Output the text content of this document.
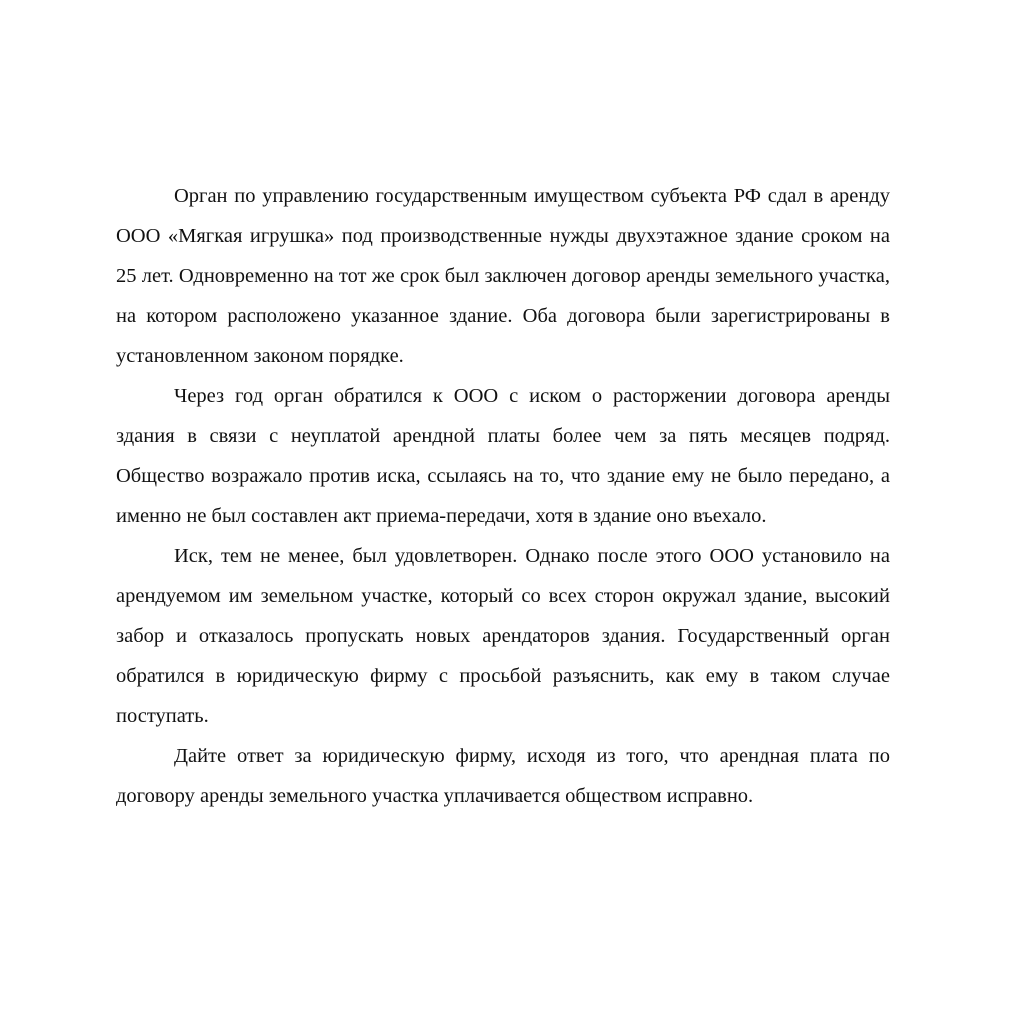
Орган по управлению государственным имуществом субъекта РФ сдал в аренду ООО «Мягкая игрушка» под производственные нужды двухэтажное здание сроком на 25 лет. Одновременно на тот же срок был заключен договор аренды земельного участка, на котором расположено указанное здание. Оба договора были зарегистрированы в установленном законом порядке.

Через год орган обратился к ООО с иском о расторжении договора аренды здания в связи с неуплатой арендной платы более чем за пять месяцев подряд. Общество возражало против иска, ссылаясь на то, что здание ему не было передано, а именно не был составлен акт приема-передачи, хотя в здание оно въехало.

Иск, тем не менее, был удовлетворен. Однако после этого ООО установило на арендуемом им земельном участке, который со всех сторон окружал здание, высокий забор и отказалось пропускать новых арендаторов здания. Государственный орган обратился в юридическую фирму с просьбой разъяснить, как ему в таком случае поступать.

Дайте ответ за юридическую фирму, исходя из того, что арендная плата по договору аренды земельного участка уплачивается обществом исправно.
